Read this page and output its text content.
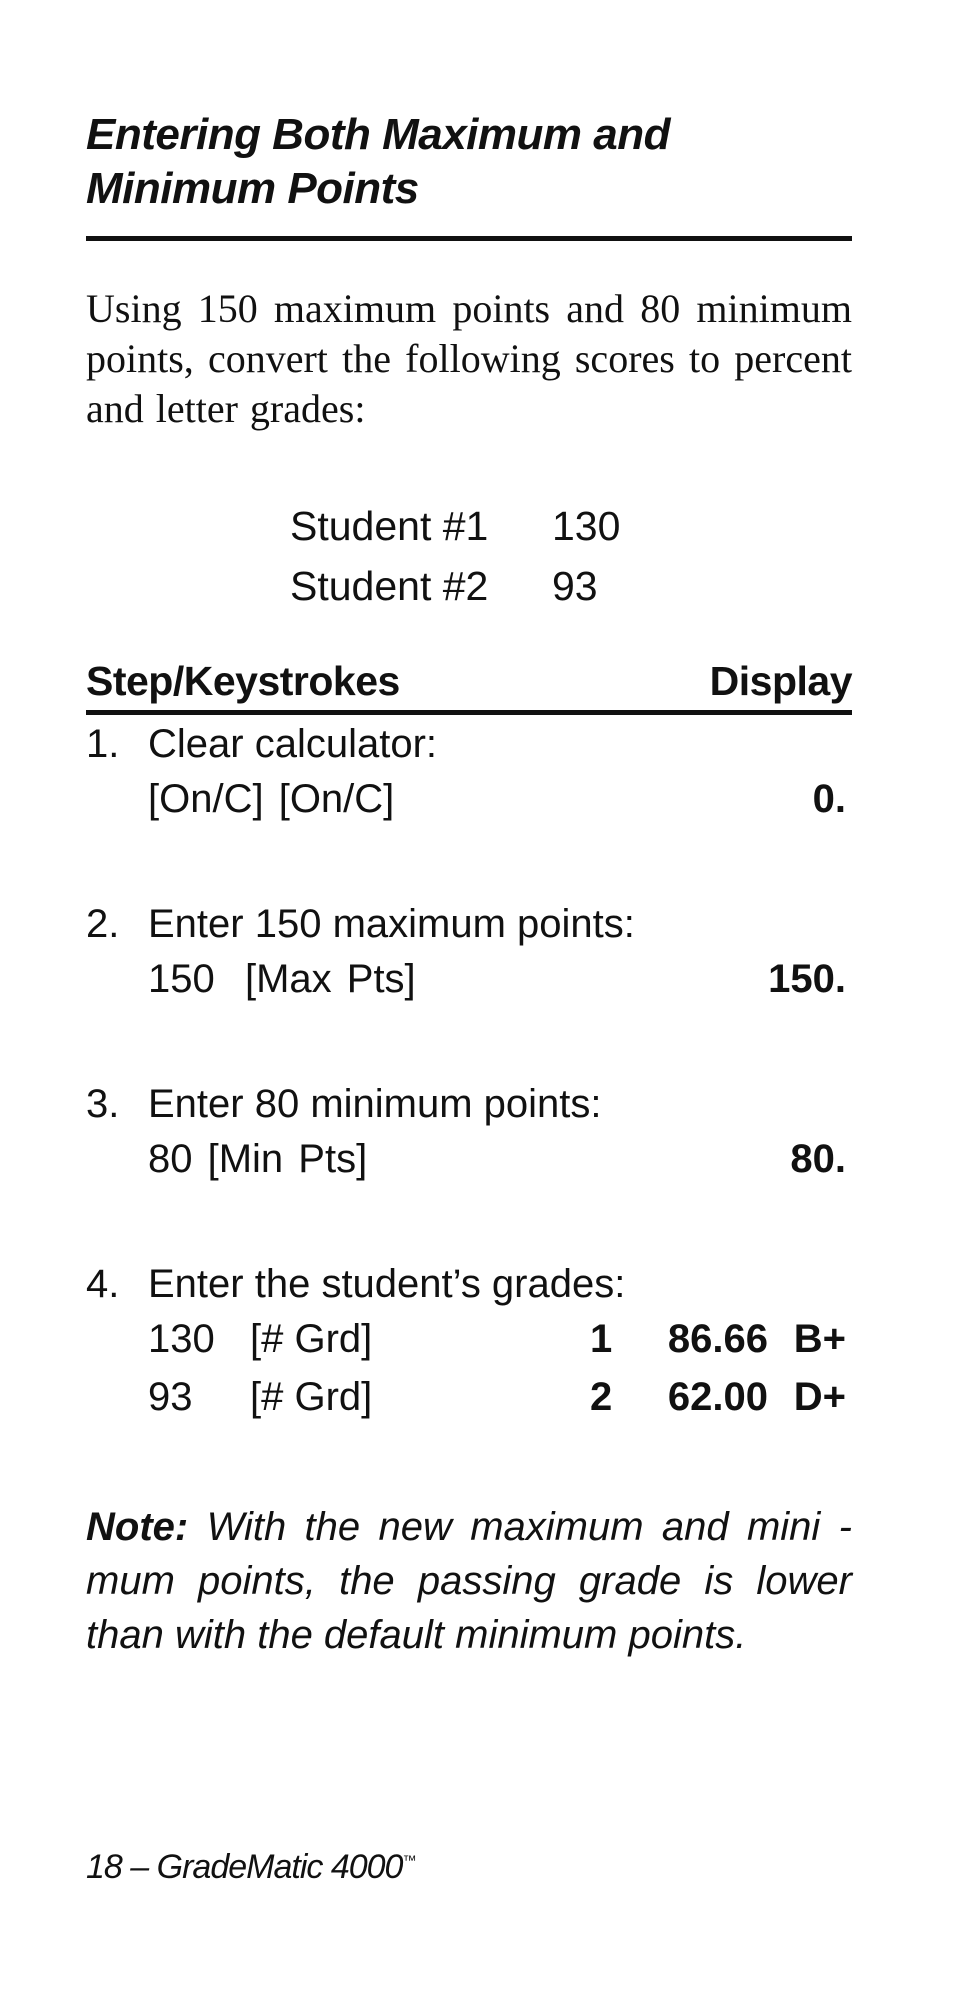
Entering Both Maximum and
Minimum Points
Using 150 maximum points and 80 minimum points, convert the following scores to percent and letter grades:
Student #1	130
Student #2	93
Step/Keystrokes	Display
1. Clear calculator:
[On/C] [On/C]	0.
2. Enter 150 maximum points:
150  [Max Pts]	150.
3. Enter 80 minimum points:
80 [Min Pts]	80.
4. Enter the student’s grades:
130 [# Grd]	1 86.66 B+
93 [# Grd]	2 62.00 D+
Note: With the new maximum and mini - mum points, the passing grade is lower than with the default minimum points.
18 – GradeMatic 4000™
